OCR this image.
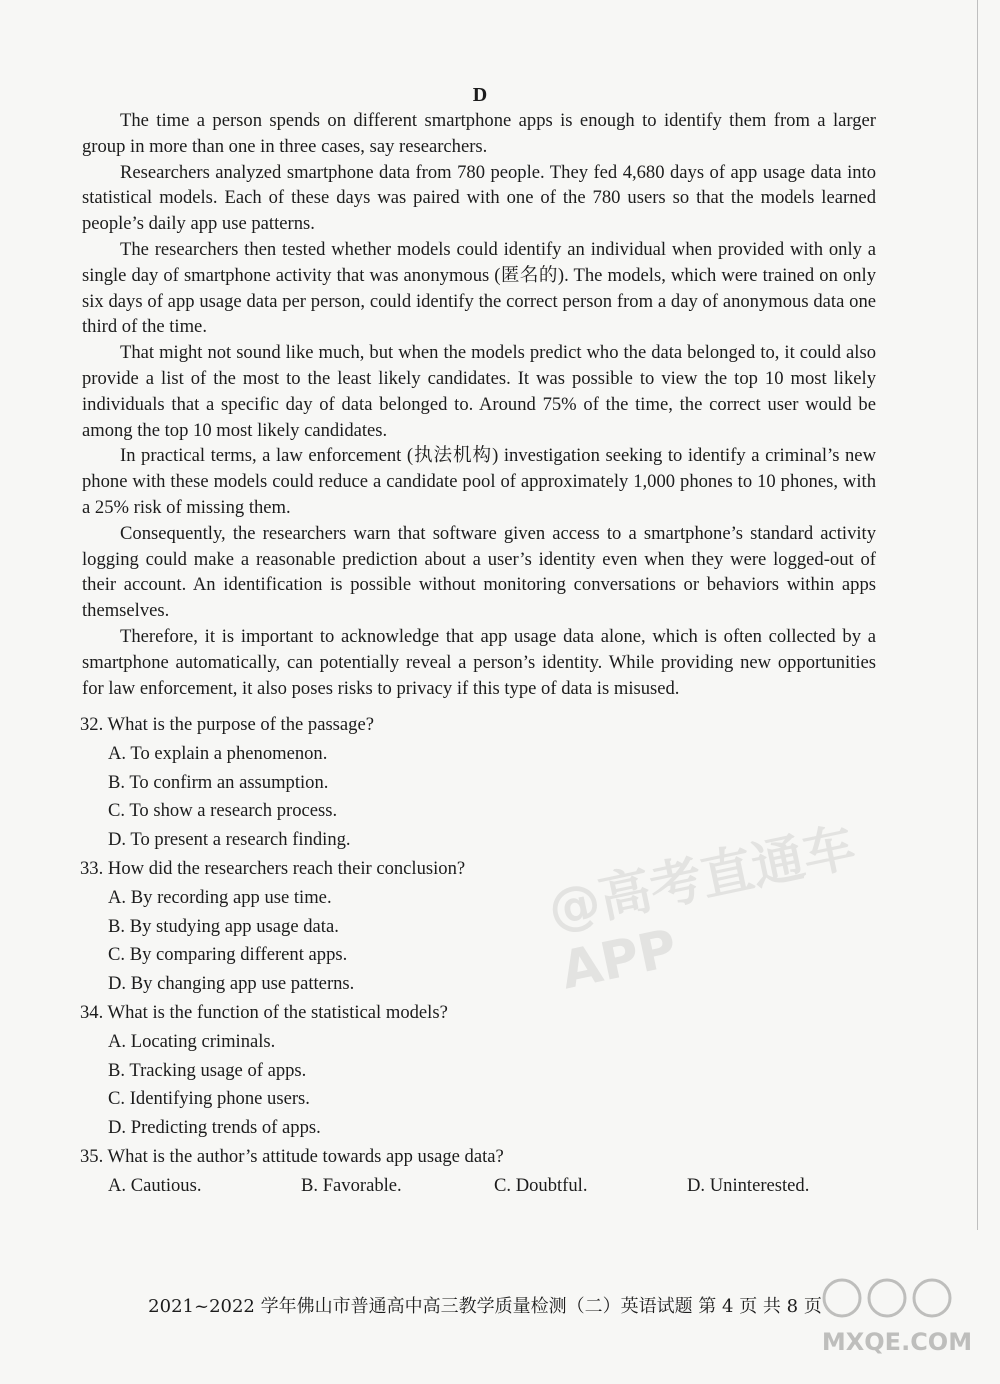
@高考直通车APP
D

The time a person spends on different smartphone apps is enough to identify them from a larger group in more than one in three cases, say researchers.

Researchers analyzed smartphone data from 780 people. They fed 4,680 days of app usage data into statistical models. Each of these days was paired with one of the 780 users so that the models learned people’s daily app use patterns.

The researchers then tested whether models could identify an individual when provided with only a single day of smartphone activity that was anonymous (匿名的). The models, which were trained on only six days of app usage data per person, could identify the correct person from a day of anonymous data one third of the time.

That might not sound like much, but when the models predict who the data belonged to, it could also provide a list of the most to the least likely candidates. It was possible to view the top 10 most likely individuals that a specific day of data belonged to. Around 75% of the time, the correct user would be among the top 10 most likely candidates.

In practical terms, a law enforcement (执法机构) investigation seeking to identify a criminal’s new phone with these models could reduce a candidate pool of approximately 1,000 phones to 10 phones, with a 25% risk of missing them.

Consequently, the researchers warn that software given access to a smartphone’s standard activity logging could make a reasonable prediction about a user’s identity even when they were logged-out of their account. An identification is possible without monitoring conversations or behaviors within apps themselves.

Therefore, it is important to acknowledge that app usage data alone, which is often collected by a smartphone automatically, can potentially reveal a person’s identity. While providing new opportunities for law enforcement, it also poses risks to privacy if this type of data is misused.

32. What is the purpose of the passage?

A. To explain a phenomenon.

B. To confirm an assumption.

C. To show a research process.

D. To present a research finding.

33. How did the researchers reach their conclusion?

A. By recording app use time.

B. By studying app usage data.

C. By comparing different apps.

D. By changing app use patterns.

34. What is the function of the statistical models?

A. Locating criminals.

B. Tracking usage of apps.

C. Identifying phone users.

D. Predicting trends of apps.

35. What is the author’s attitude towards app usage data?

A. Cautious.	B. Favorable.	C. Doubtful.	D. Uninterested.
2021~2022 学年佛山市普通高中高三教学质量检测（二）英语试题 第 4 页 共 8 页
MXQE.COM
